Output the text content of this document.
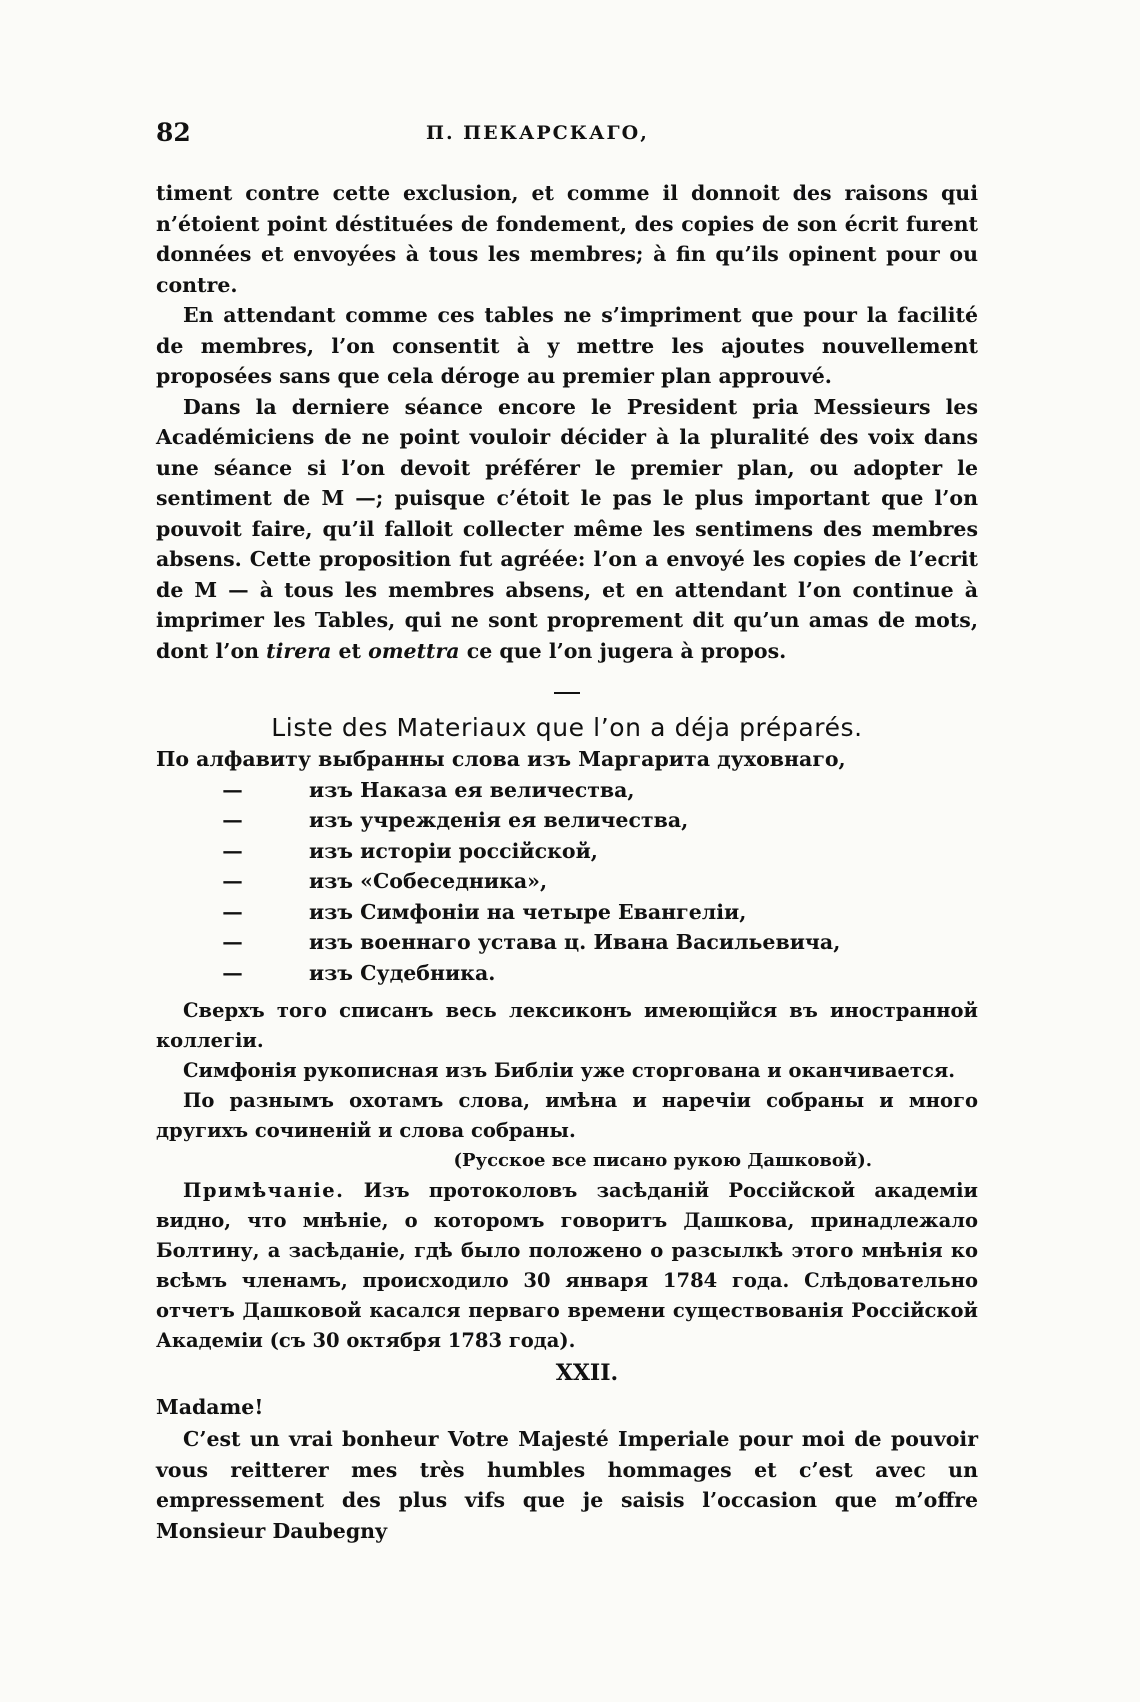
82	П. ПЕКАРСКАГО,

timent contre cette exclusion, et comme il donnoit des raisons qui n’étoient point déstituées de fondement, des copies de son écrit furent données et envoyées à tous les membres; à fin qu’ils opinent pour ou contre.

En attendant comme ces tables ne s’impriment que pour la facilité de membres, l’on consentit à y mettre les ajoutes nouvellement proposées sans que cela déroge au premier plan approuvé.

Dans la derniere séance encore le President pria Messieurs les Académiciens de ne point vouloir décider à la pluralité des voix dans une séance si l’on devoit préférer le premier plan, ou adopter le sentiment de M —; puisque c’étoit le pas le plus important que l’on pouvoit faire, qu’il falloit collecter même les sentimens des membres absens. Cette proposition fut agréée: l’on a envoyé les copies de l’ecrit de M — à tous les membres absens, et en attendant l’on continue à imprimer les Tables, qui ne sont proprement dit qu’un amas de mots, dont l’on tirera et omettra ce que l’on jugera à propos.

Liste des Materiaux que l’on a déja préparés.

По алфавиту выбранны слова изъ Маргарита духовнаго,
—	изъ Наказа ея величества,
—	изъ учрежденія ея величества,
—	изъ исторіи россійской,
—	изъ «Собеседника»,
—	изъ Симфоніи на четыре Евангеліи,
—	изъ военнаго устава ц. Ивана Васильевича,
—	изъ Судебника.

Сверхъ того списанъ весь лексиконъ имеющійся въ иностранной коллегіи.

Симфонія рукописная изъ Библіи уже сторгована и оканчивается.

По разнымъ охотамъ слова, имѣна и наречіи собраны и много другихъ сочиненій и слова собраны.

(Русское все писано рукою Дашковой).

Примѣчаніе. Изъ протоколовъ засѣданій Россійской академіи видно, что мнѣніе, о которомъ говоритъ Дашкова, принадлежало Болтину, а засѣданіе, гдѣ было положено о разсылкѣ этого мнѣнія ко всѣмъ членамъ, происходило 30 января 1784 года. Слѣдовательно отчетъ Дашковой касался перваго времени существованія Россійской Академіи (съ 30 октября 1783 года).

XXII.

Madame!

C’est un vrai bonheur Votre Majesté Imperiale pour moi de pouvoir vous reitterer mes très humbles hommages et c’est avec un empressement des plus vifs que je saisis l’occasion que m’offre Monsieur Daubegny
